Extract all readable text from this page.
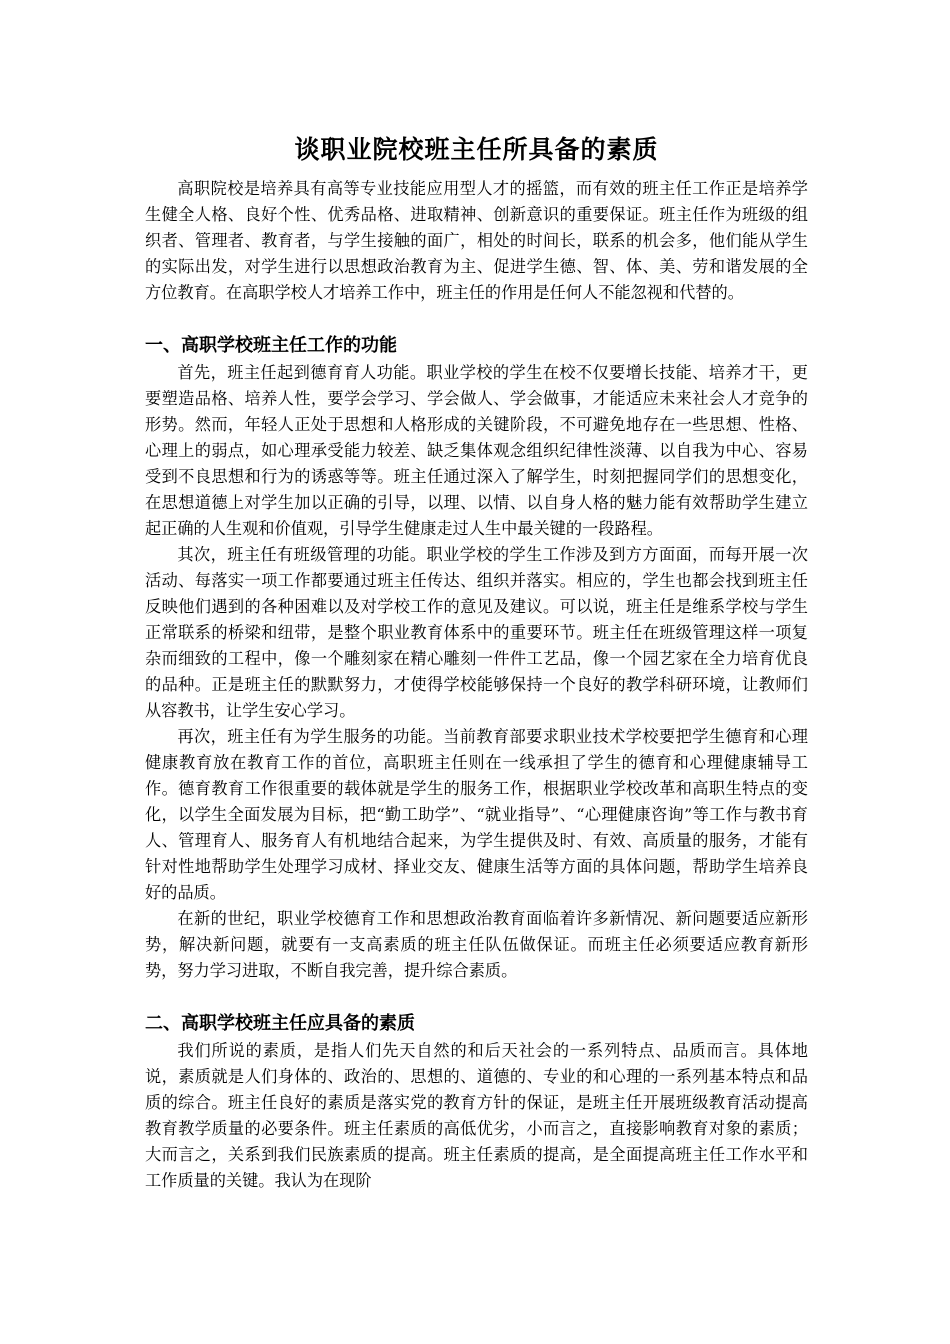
谈职业院校班主任所具备的素质

高职院校是培养具有高等专业技能应用型人才的摇篮，而有效的班主任工作正是培养学生健全人格、良好个性、优秀品格、进取精神、创新意识的重要保证。班主任作为班级的组织者、管理者、教育者，与学生接触的面广，相处的时间长，联系的机会多，他们能从学生的实际出发，对学生进行以思想政治教育为主、促进学生德、智、体、美、劳和谐发展的全方位教育。在高职学校人才培养工作中，班主任的作用是任何人不能忽视和代替的。

一、高职学校班主任工作的功能

首先，班主任起到德育育人功能。职业学校的学生在校不仅要增长技能、培养才干，更要塑造品格、培养人性，要学会学习、学会做人、学会做事，才能适应未来社会人才竞争的形势。然而，年轻人正处于思想和人格形成的关键阶段，不可避免地存在一些思想、性格、心理上的弱点，如心理承受能力较差、缺乏集体观念组织纪律性淡薄、以自我为中心、容易受到不良思想和行为的诱惑等等。班主任通过深入了解学生，时刻把握同学们的思想变化，在思想道德上对学生加以正确的引导，以理、以情、以自身人格的魅力能有效帮助学生建立起正确的人生观和价值观，引导学生健康走过人生中最关键的一段路程。

其次，班主任有班级管理的功能。职业学校的学生工作涉及到方方面面，而每开展一次活动、每落实一项工作都要通过班主任传达、组织并落实。相应的，学生也都会找到班主任反映他们遇到的各种困难以及对学校工作的意见及建议。可以说，班主任是维系学校与学生正常联系的桥梁和纽带，是整个职业教育体系中的重要环节。班主任在班级管理这样一项复杂而细致的工程中，像一个雕刻家在精心雕刻一件件工艺品，像一个园艺家在全力培育优良的品种。正是班主任的默默努力，才使得学校能够保持一个良好的教学科研环境，让教师们从容教书，让学生安心学习。

再次，班主任有为学生服务的功能。当前教育部要求职业技术学校要把学生德育和心理健康教育放在教育工作的首位，高职班主任则在一线承担了学生的德育和心理健康辅导工作。德育教育工作很重要的载体就是学生的服务工作，根据职业学校改革和高职生特点的变化，以学生全面发展为目标，把“勤工助学”、“就业指导”、“心理健康咨询”等工作与教书育人、管理育人、服务育人有机地结合起来，为学生提供及时、有效、高质量的服务，才能有针对性地帮助学生处理学习成材、择业交友、健康生活等方面的具体问题，帮助学生培养良好的品质。

在新的世纪，职业学校德育工作和思想政治教育面临着许多新情况、新问题要适应新形势，解决新问题，就要有一支高素质的班主任队伍做保证。而班主任必须要适应教育新形势，努力学习进取，不断自我完善，提升综合素质。

二、高职学校班主任应具备的素质

我们所说的素质，是指人们先天自然的和后天社会的一系列特点、品质而言。具体地说，素质就是人们身体的、政治的、思想的、道德的、专业的和心理的一系列基本特点和品质的综合。班主任良好的素质是落实党的教育方针的保证，是班主任开展班级教育活动提高教育教学质量的必要条件。班主任素质的高低优劣，小而言之，直接影响教育对象的素质；大而言之，关系到我们民族素质的提高。班主任素质的提高，是全面提高班主任工作水平和工作质量的关键。我认为在现阶
